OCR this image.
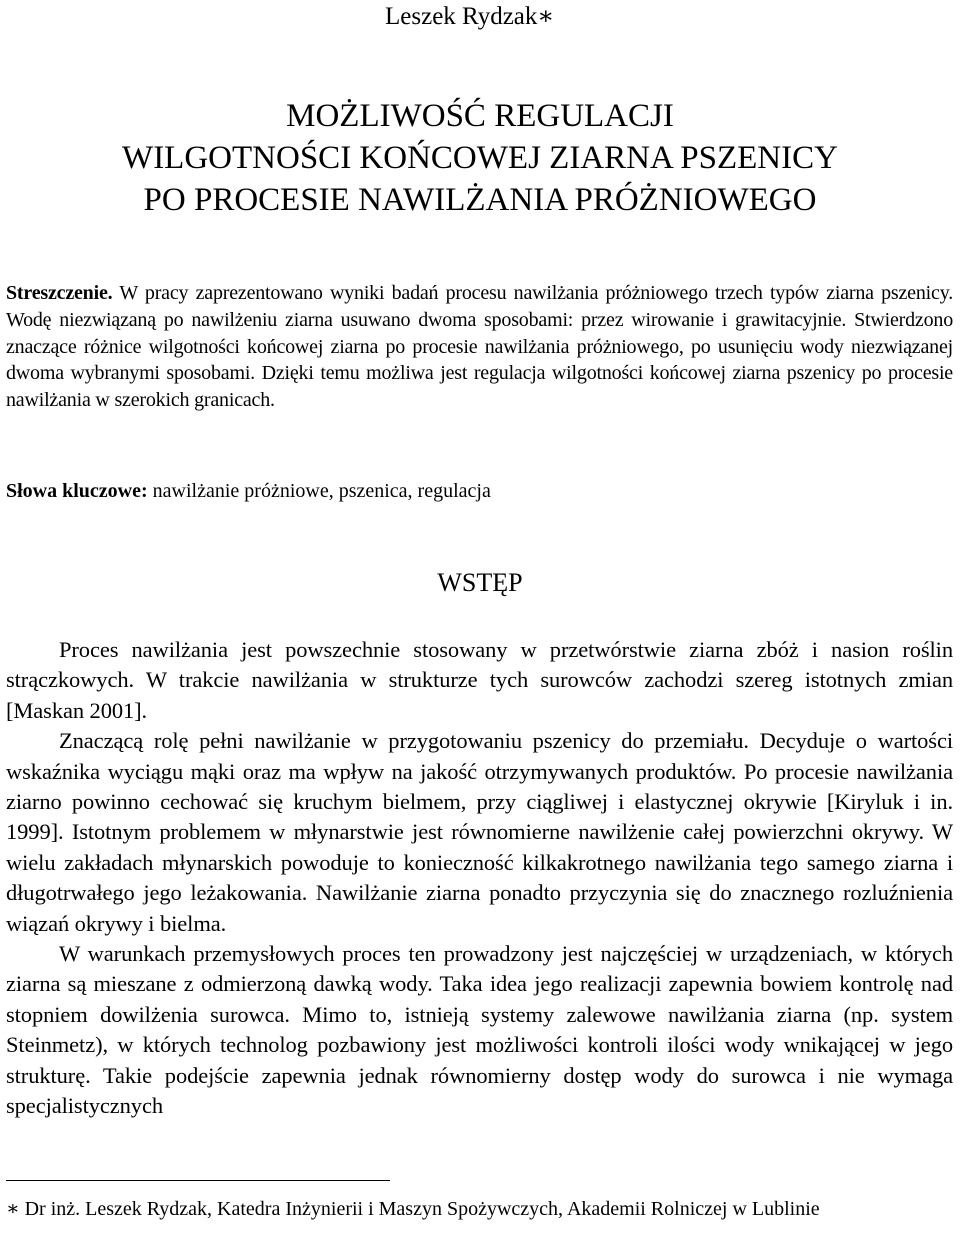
Leszek Rydzak∗
MOŻLIWOŚĆ REGULACJI
WILGOTNOŚCI KOŃCOWEJ ZIARNA PSZENICY
PO PROCESIE NAWILŻANIA PRÓŻNIOWEGO
Streszczenie. W pracy zaprezentowano wyniki badań procesu nawilżania próżniowego trzech typów ziarna pszenicy. Wodę niezwiązaną po nawilżeniu ziarna usuwano dwoma sposobami: przez wirowanie i grawitacyjnie. Stwierdzono znaczące różnice wilgotności końcowej ziarna po procesie nawilżania próżniowego, po usunięciu wody niezwiązanej dwoma wybranymi sposobami. Dzięki temu możliwa jest regulacja wilgotności końcowej ziarna pszenicy po procesie nawilżania w szerokich granicach.
Słowa kluczowe: nawilżanie próżniowe, pszenica, regulacja
WSTĘP

Proces nawilżania jest powszechnie stosowany w przetwórstwie ziarna zbóż i nasion roślin strączkowych. W trakcie nawilżania w strukturze tych surowców zachodzi szereg istotnych zmian [Maskan 2001].

Znaczącą rolę pełni nawilżanie w przygotowaniu pszenicy do przemiału. Decyduje o wartości wskaźnika wyciągu mąki oraz ma wpływ na jakość otrzymywanych produktów. Po procesie nawilżania ziarno powinno cechować się kruchym bielmem, przy ciągliwej i elastycznej okrywie [Kiryluk i in. 1999]. Istotnym problemem w młynarstwie jest równomierne nawilżenie całej powierzchni okrywy. W wielu zakładach młynarskich powoduje to konieczność kilkakrotnego nawilżania tego samego ziarna i długotrwałego jego leżakowania. Nawilżanie ziarna ponadto przyczynia się do znacznego rozluźnienia wiązań okrywy i bielma.

W warunkach przemysłowych proces ten prowadzony jest najczęściej w urządzeniach, w których ziarna są mieszane z odmierzoną dawką wody. Taka idea jego realizacji zapewnia bowiem kontrolę nad stopniem dowilżenia surowca. Mimo to, istnieją systemy zalewowe nawilżania ziarna (np. system Steinmetz), w których technolog pozbawiony jest możliwości kontroli ilości wody wnikającej w jego strukturę. Takie podejście zapewnia jednak równomierny dostęp wody do surowca i nie wymaga specjalistycznych

∗ Dr inż. Leszek Rydzak, Katedra Inżynierii i Maszyn Spożywczych, Akademii Rolniczej w Lublinie
